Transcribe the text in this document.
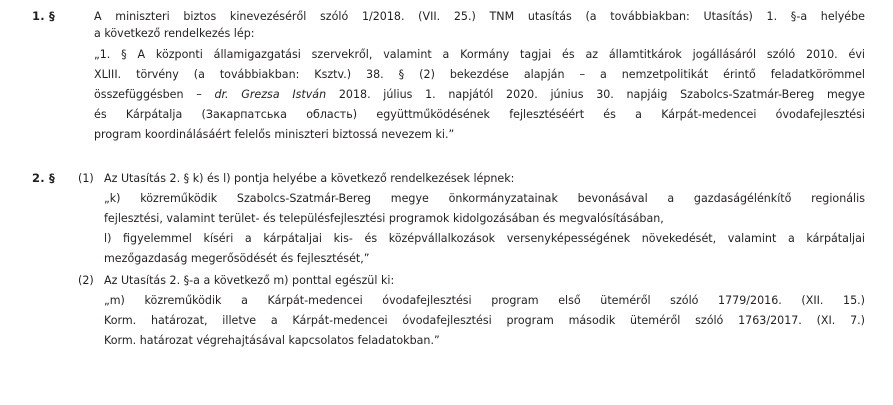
1. §	A miniszteri biztos kinevezéséről szóló 1/2018. (VII. 25.) TNM utasítás (a továbbiakban: Utasítás) 1. §-a helyébe
a következő rendelkezés lép:
„1. § A központi államigazgatási szervekről, valamint a Kormány tagjai és az államtitkárok jogállásáról szóló 2010. évi
XLIII. törvény (a továbbiakban: Ksztv.) 38. § (2) bekezdése alapján – a nemzetpolitikát érintő feladatkörömmel
összefüggésben – dr. Grezsa István 2018. július 1. napjától 2020. június 30. napjáig Szabolcs-Szatmár-Bereg megye
és Kárpátalja (Закарпатська область) együttműködésének fejlesztéséért és a Kárpát-medencei óvodafejlesztési
program koordinálásáért felelős miniszteri biztossá nevezem ki.”
2. § (1) Az Utasítás 2. § k) és l) pontja helyébe a következő rendelkezések lépnek:
„k) közreműködik Szabolcs-Szatmár-Bereg megye önkormányzatainak bevonásával a gazdaságélénkítő regionális
fejlesztési, valamint terület- és településfejlesztési programok kidolgozásában és megvalósításában,
l) figyelemmel kíséri a kárpátaljai kis- és középvállalkozások versenyképességének növekedését, valamint a kárpátaljai
mezőgazdaság megerősödését és fejlesztését,”
(2) Az Utasítás 2. §-a a következő m) ponttal egészül ki:
„m) közreműködik a Kárpát-medencei óvodafejlesztési program első üteméről szóló 1779/2016. (XII. 15.)
Korm. határozat, illetve a Kárpát-medencei óvodafejlesztési program második üteméről szóló 1763/2017. (XI. 7.)
Korm. határozat végrehajtásával kapcsolatos feladatokban.”
